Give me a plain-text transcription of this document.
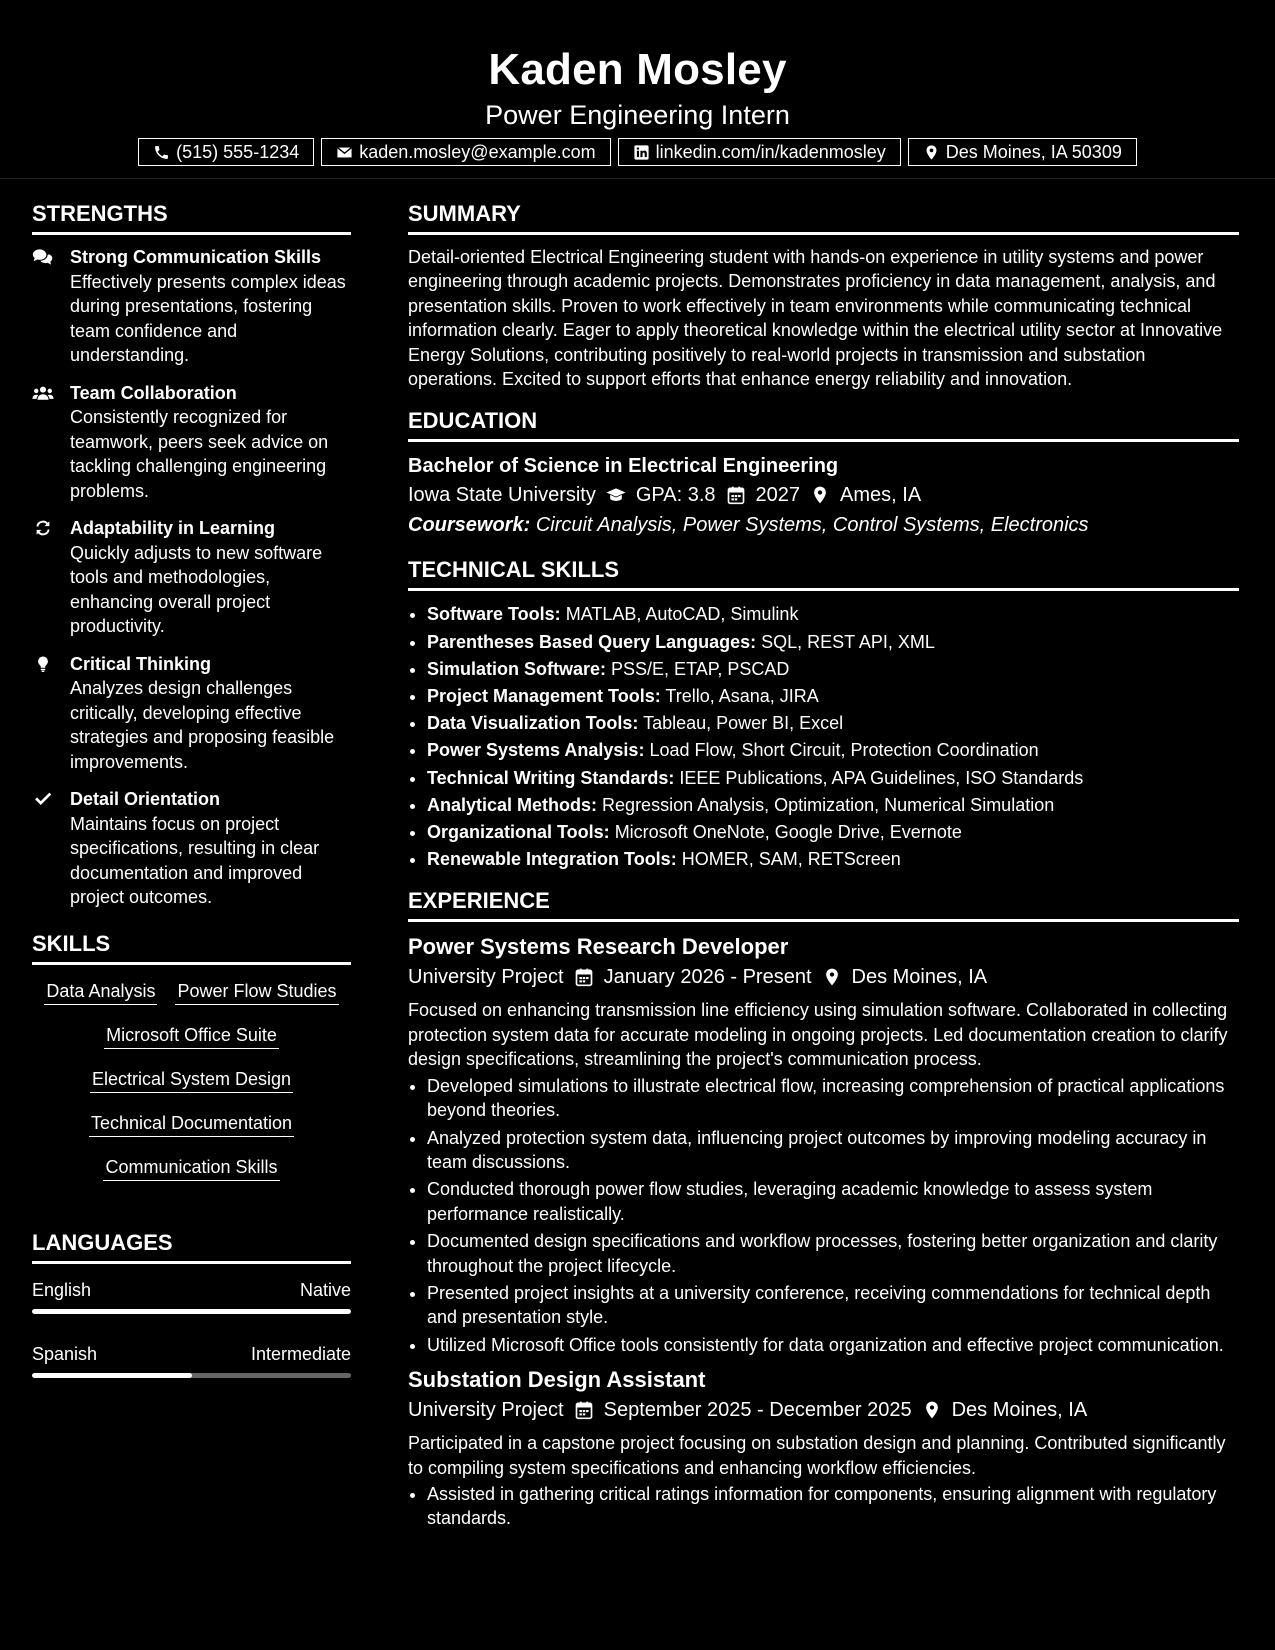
Kaden Mosley
Power Engineering Intern
(515) 555-1234	kaden.mosley@example.com	linkedin.com/in/kadenmosley	Des Moines, IA 50309
STRENGTHS
Strong Communication Skills
Effectively presents complex ideas during presentations, fostering team confidence and understanding.
Team Collaboration
Consistently recognized for teamwork, peers seek advice on tackling challenging engineering problems.
Adaptability in Learning
Quickly adjusts to new software tools and methodologies, enhancing overall project productivity.
Critical Thinking
Analyzes design challenges critically, developing effective strategies and proposing feasible improvements.
Detail Orientation
Maintains focus on project specifications, resulting in clear documentation and improved project outcomes.
SKILLS
Data Analysis Power Flow Studies
Microsoft Office Suite
Electrical System Design
Technical Documentation
Communication Skills
LANGUAGES
English	Native
Spanish	Intermediate
SUMMARY

Detail-oriented Electrical Engineering student with hands-on experience in utility systems and power engineering through academic projects. Demonstrates proficiency in data management, analysis, and presentation skills. Proven to work effectively in team environments while communicating technical information clearly. Eager to apply theoretical knowledge within the electrical utility sector at Innovative Energy Solutions, contributing positively to real-world projects in transmission and substation operations. Excited to support efforts that enhance energy reliability and innovation.

EDUCATION
Bachelor of Science in Electrical Engineering
Iowa State University GPA: 3.8 2027 Ames, IA
Coursework: Circuit Analysis, Power Systems, Control Systems, Electronics
TECHNICAL SKILLS
• Software Tools: MATLAB, AutoCAD, Simulink
• Parentheses Based Query Languages: SQL, REST API, XML
• Simulation Software: PSS/E, ETAP, PSCAD
• Project Management Tools: Trello, Asana, JIRA
• Data Visualization Tools: Tableau, Power BI, Excel
• Power Systems Analysis: Load Flow, Short Circuit, Protection Coordination
• Technical Writing Standards: IEEE Publications, APA Guidelines, ISO Standards
• Analytical Methods: Regression Analysis, Optimization, Numerical Simulation
• Organizational Tools: Microsoft OneNote, Google Drive, Evernote
• Renewable Integration Tools: HOMER, SAM, RETScreen
EXPERIENCE
Power Systems Research Developer
University Project January 2026 - Present Des Moines, IA

Focused on enhancing transmission line efficiency using simulation software. Collaborated in collecting protection system data for accurate modeling in ongoing projects. Led documentation creation to clarify design specifications, streamlining the project's communication process.

• Developed simulations to illustrate electrical flow, increasing comprehension of practical applications beyond theories.
• Analyzed protection system data, influencing project outcomes by improving modeling accuracy in team discussions.
• Conducted thorough power flow studies, leveraging academic knowledge to assess system performance realistically.
• Documented design specifications and workflow processes, fostering better organization and clarity throughout the project lifecycle.
• Presented project insights at a university conference, receiving commendations for technical depth and presentation style.
• Utilized Microsoft Office tools consistently for data organization and effective project communication.
Substation Design Assistant
University Project September 2025 - December 2025 Des Moines, IA

Participated in a capstone project focusing on substation design and planning. Contributed significantly to compiling system specifications and enhancing workflow efficiencies.

• Assisted in gathering critical ratings information for components, ensuring alignment with regulatory standards.
